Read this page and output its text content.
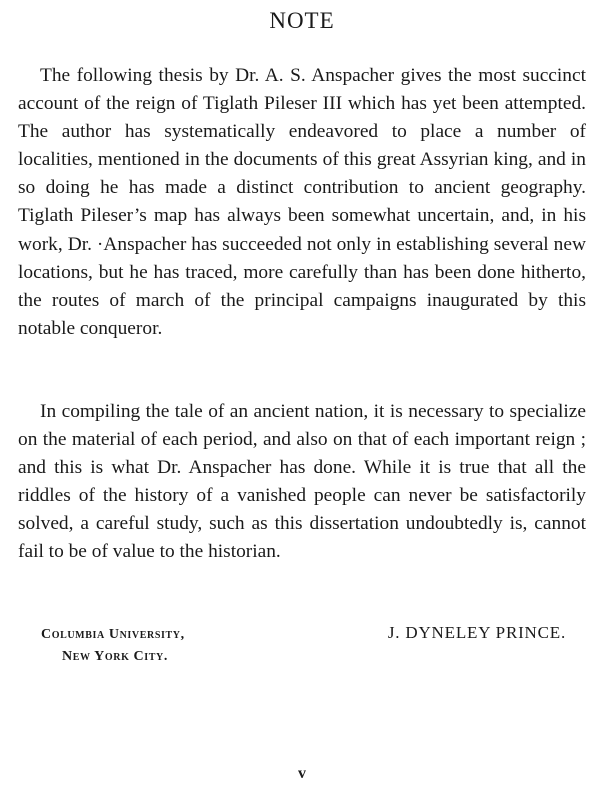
NOTE

The following thesis by Dr. A. S. Anspacher gives the most succinct account of the reign of Tiglath Pileser III which has yet been attempted. The author has systematically endeavored to place a number of localities, mentioned in the documents of this great Assyrian king, and in so doing he has made a distinct contribution to ancient geography. Tiglath Pileser’s map has always been somewhat uncertain, and, in his work, Dr. ·Anspacher has succeeded not only in establishing several new locations, but he has traced, more carefully than has been done hitherto, the routes of march of the principal campaigns inaugurated by this notable conqueror.

In compiling the tale of an ancient nation, it is necessary to specialize on the material of each period, and also on that of each important reign ; and this is what Dr. Anspacher has done. While it is true that all the riddles of the history of a vanished people can never be satisfactorily solved, a careful study, such as this dissertation undoubtedly is, cannot fail to be of value to the historian.

J. DYNELEY PRINCE.

Columbia University,

New York City.

v
